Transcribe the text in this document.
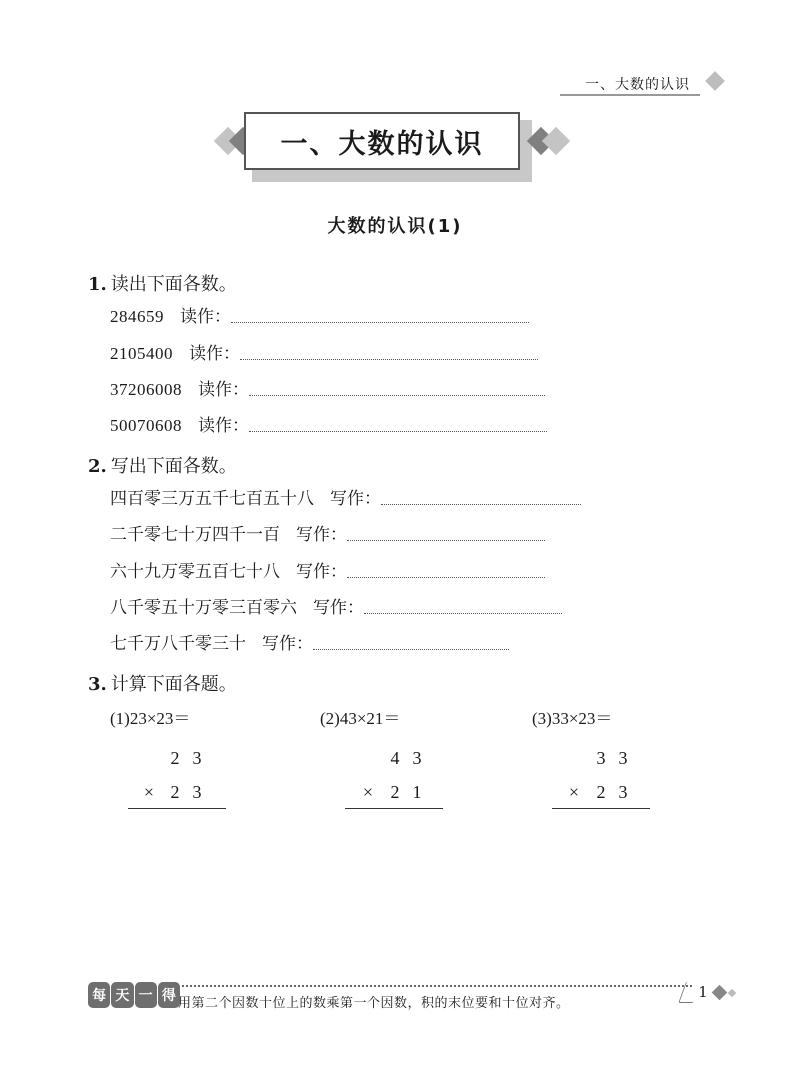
一、大数的认识
一、大数的认识
大数的认识(1)
1. 读出下面各数。
284659 读作：
2105400 读作：
37206008 读作：
50070608 读作：
2. 写出下面各数。
四百零三万五千七百五十八 写作：
二千零七十万四千一百 写作：
六十九万零五百七十八 写作：
八千零五十万零三百零六 写作：
七千万八千零三十 写作：
3. 计算下面各题。
(1)23×23＝
2 3
× 2 3
(2)43×21＝
4 3
× 2 1
(3)33×23＝
3 3
× 2 3
每 天 一 得 用第二个因数十位上的数乘第一个因数，积的末位要和十位对齐。
1
